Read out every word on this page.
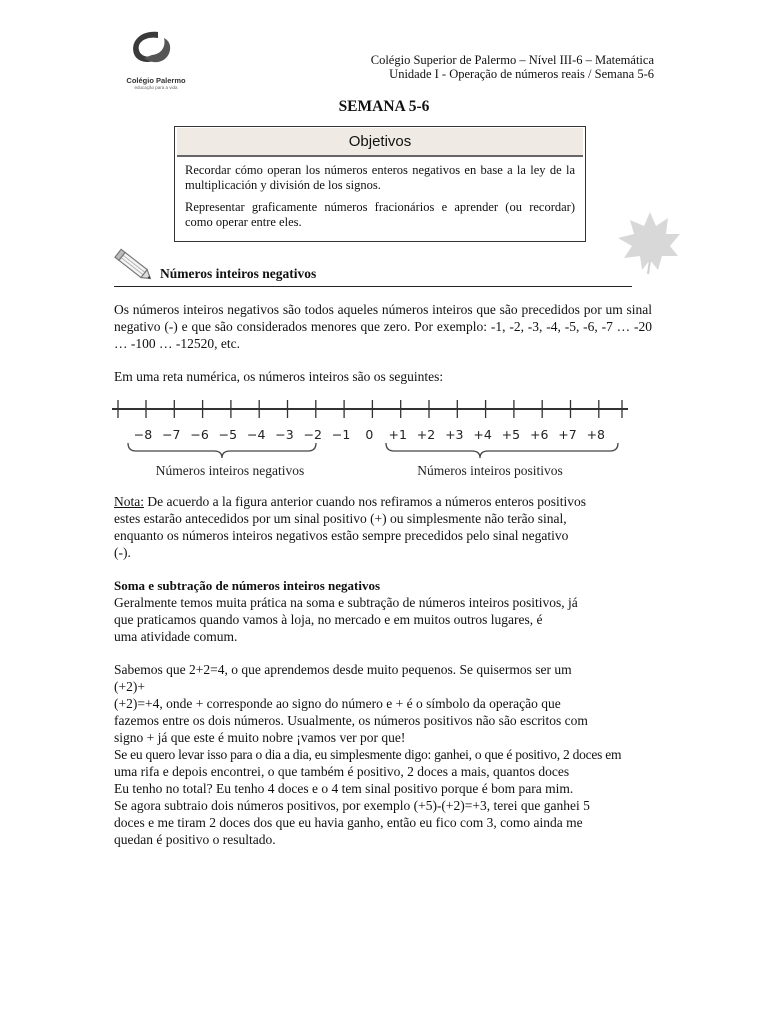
Colégio Palermo
educação para a vida
Colégio Superior de Palermo – Nível III-6 – Matemática
Unidade I - Operação de números reais / Semana 5-6
SEMANA 5-6
Objetivos

Recordar cómo operan los números enteros negativos en base a la ley de la multiplicación y división de los signos.

Representar graficamente números fracionários e aprender (ou recordar) como operar entre eles.

Números inteiros negativos
Os números inteiros negativos são todos aqueles números inteiros que são precedidos por um sinal negativo (-) e que são considerados menores que zero. Por exemplo: -1, -2, -3, -4, -5, -6, -7 … -20 … -100 … -12520, etc.
Em uma reta numérica, os números inteiros são os seguintes:
−8 −7 −6 −5 −4 −3 −2 −1 0 +1 +2 +3 +4 +5 +6 +7 +8
Números inteiros negativos	Números inteiros positivos
Nota: De acuerdo a la figura anterior cuando nos refiramos a números enteros positivos
estes estarão antecedidos por um sinal positivo (+) ou simplesmente não terão sinal,
enquanto os números inteiros negativos estão sempre precedidos pelo sinal negativo
(-).
Soma e subtração de números inteiros negativos
Geralmente temos muita prática na soma e subtração de números inteiros positivos, já
que praticamos quando vamos à loja, no mercado e em muitos outros lugares, é
uma atividade comum.
Sabemos que 2+2=4, o que aprendemos desde muito pequenos. Se quisermos ser um
(+2)+
(+2)=+4, onde + corresponde ao signo do número e + é o símbolo da operação que
fazemos entre os dois números. Usualmente, os números positivos não são escritos com
signo + já que este é muito nobre ¡vamos ver por que!
Se eu quero levar isso para o dia a dia, eu simplesmente digo: ganhei, o que é positivo, 2 doces em
uma rifa e depois encontrei, o que também é positivo, 2 doces a mais, quantos doces
Eu tenho no total? Eu tenho 4 doces e o 4 tem sinal positivo porque é bom para mim.
Se agora subtraio dois números positivos, por exemplo (+5)-(+2)=+3, terei que ganhei 5
doces e me tiram 2 doces dos que eu havia ganho, então eu fico com 3, como ainda me
quedan é positivo o resultado.
